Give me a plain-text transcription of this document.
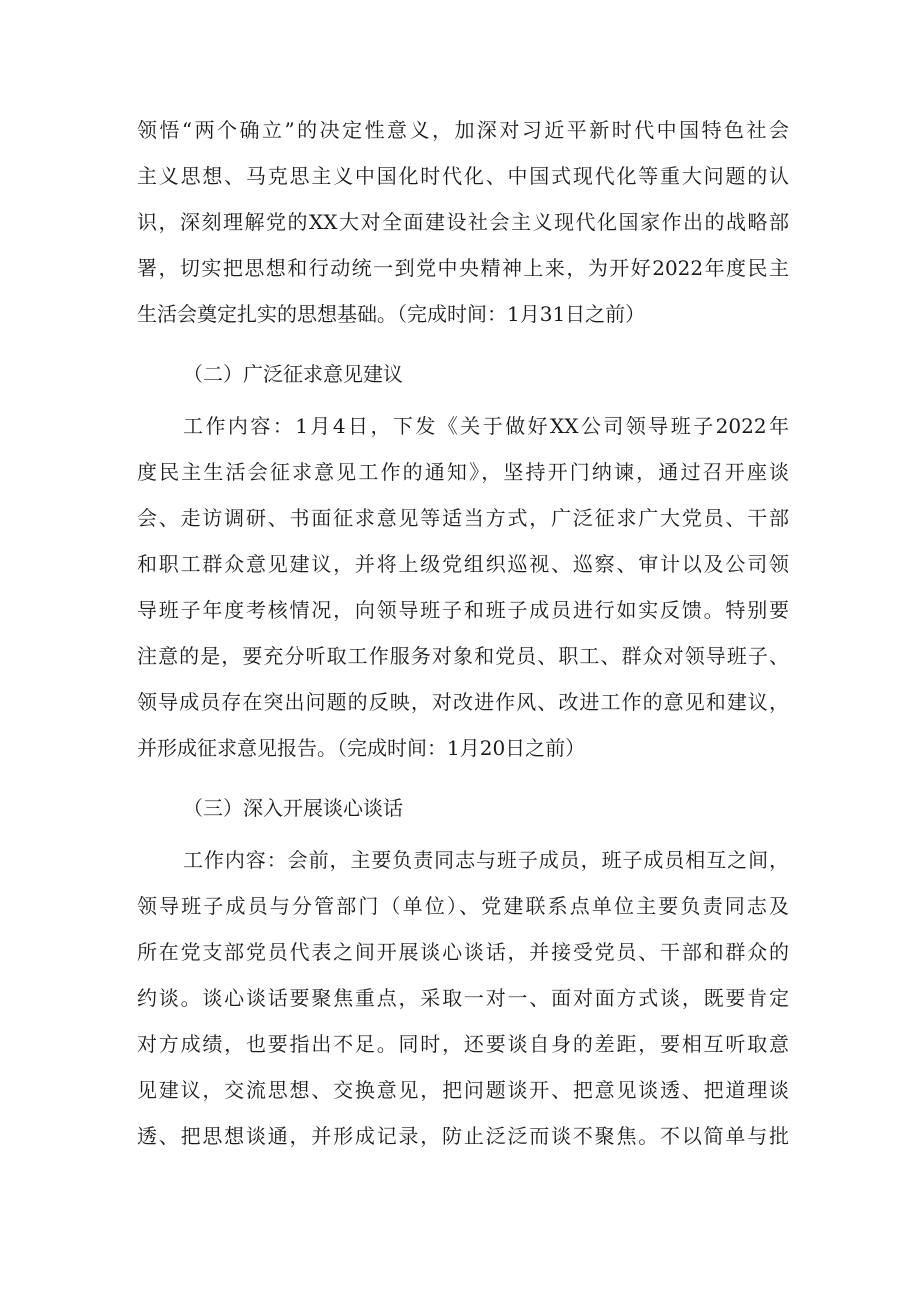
领悟“两个确立”的决定性意义，加深对习近平新时代中国特色社会
主义思想、马克思主义中国化时代化、中国式现代化等重大问题的认
识，深刻理解党的XX大对全面建设社会主义现代化国家作出的战略部
署，切实把思想和行动统一到党中央精神上来，为开好2022年度民主
生活会奠定扎实的思想基础。（完成时间：1月31日之前）
（二）广泛征求意见建议
工作内容：1月4日，下发《关于做好XX公司领导班子2022年
度民主生活会征求意见工作的通知》，坚持开门纳谏，通过召开座谈
会、走访调研、书面征求意见等适当方式，广泛征求广大党员、干部
和职工群众意见建议，并将上级党组织巡视、巡察、审计以及公司领
导班子年度考核情况，向领导班子和班子成员进行如实反馈。特别要
注意的是，要充分听取工作服务对象和党员、职工、群众对领导班子、
领导成员存在突出问题的反映，对改进作风、改进工作的意见和建议，
并形成征求意见报告。（完成时间：1月20日之前）
（三）深入开展谈心谈话
工作内容：会前，主要负责同志与班子成员，班子成员相互之间，
领导班子成员与分管部门（单位）、党建联系点单位主要负责同志及
所在党支部党员代表之间开展谈心谈话，并接受党员、干部和群众的
约谈。谈心谈话要聚焦重点，采取一对一、面对面方式谈，既要肯定
对方成绩，也要指出不足。同时，还要谈自身的差距，要相互听取意
见建议，交流思想、交换意见，把问题谈开、把意见谈透、把道理谈
透、把思想谈通，并形成记录，防止泛泛而谈不聚焦。不以简单与批
